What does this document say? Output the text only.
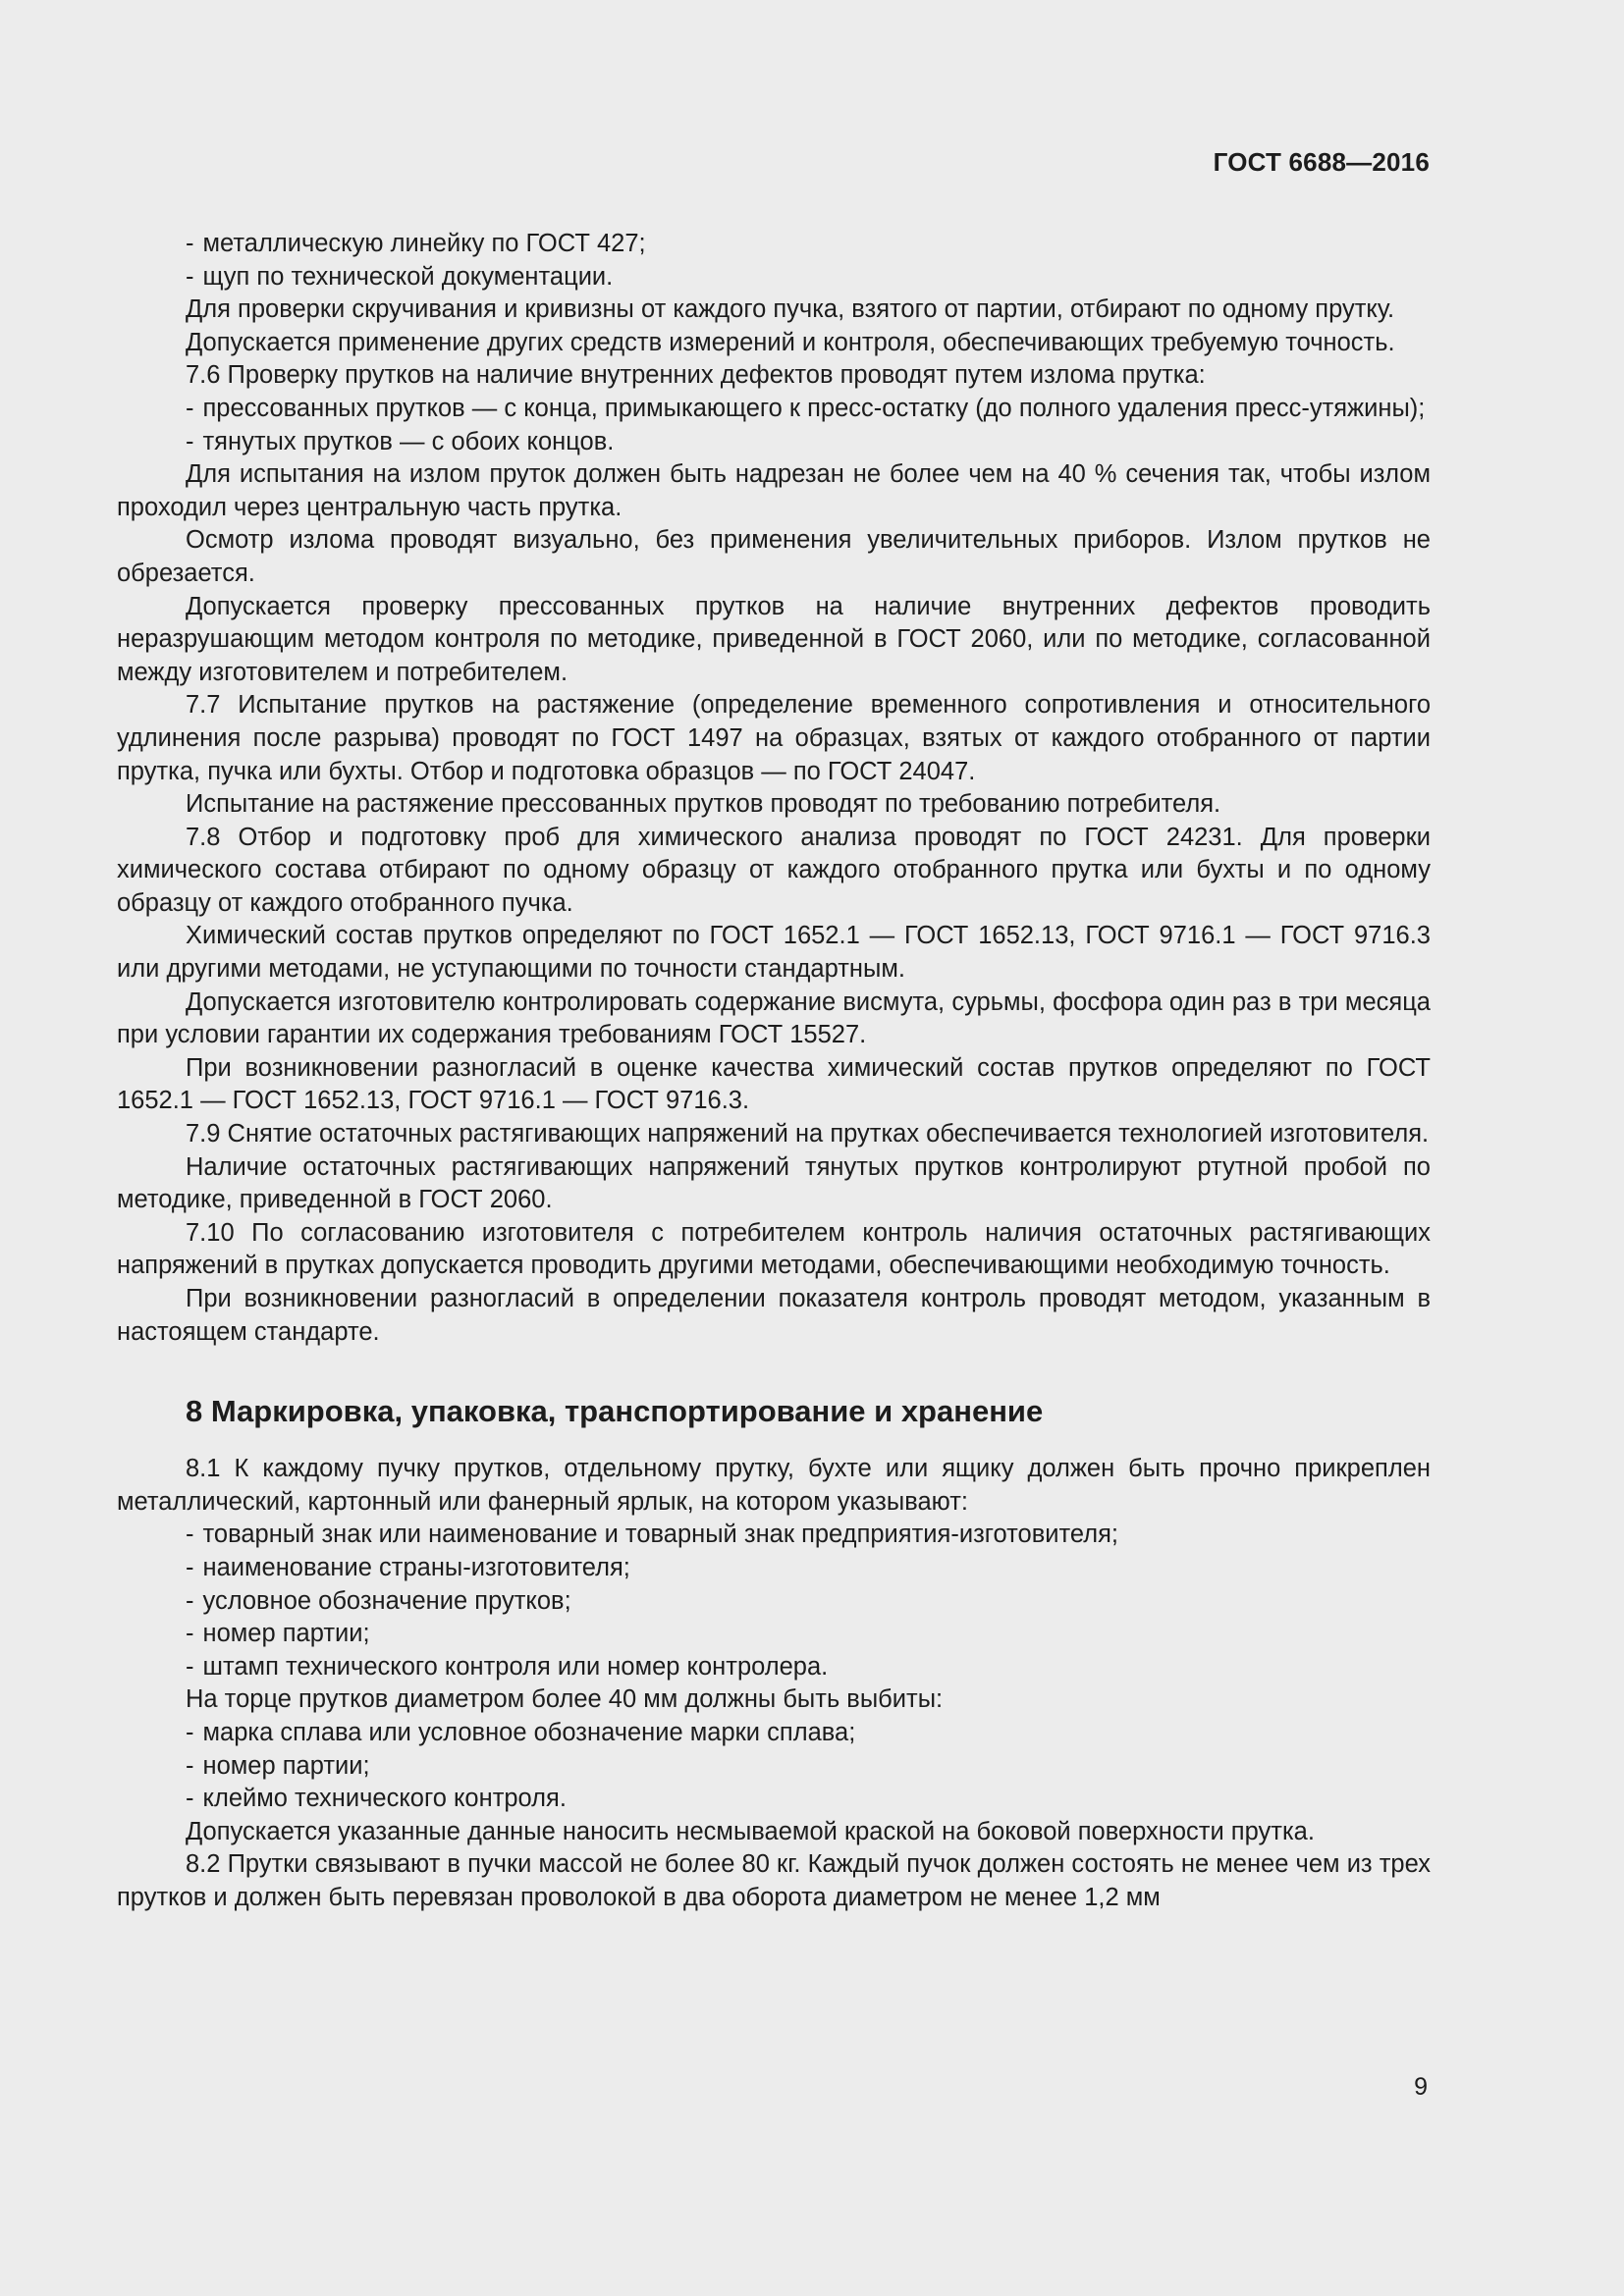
ГОСТ 6688—2016
- металлическую линейку по ГОСТ 427;
- щуп по технической документации.

Для проверки скручивания и кривизны от каждого пучка, взятого от партии, отбирают по одному прутку.

Допускается применение других средств измерений и контроля, обеспечивающих требуемую точность.

7.6 Проверку прутков на наличие внутренних дефектов проводят путем излома прутка:

- прессованных прутков — с конца, примыкающего к пресс-остатку (до полного удаления пресс-утяжины);
- тянутых прутков — с обоих концов.

Для испытания на излом пруток должен быть надрезан не более чем на 40 % сечения так, чтобы излом проходил через центральную часть прутка.

Осмотр излома проводят визуально, без применения увеличительных приборов. Излом прутков не обрезается.

Допускается проверку прессованных прутков на наличие внутренних дефектов проводить неразрушающим методом контроля по методике, приведенной в ГОСТ 2060, или по методике, согласованной между изготовителем и потребителем.

7.7 Испытание прутков на растяжение (определение временного сопротивления и относительного удлинения после разрыва) проводят по ГОСТ 1497 на образцах, взятых от каждого отобранного от партии прутка, пучка или бухты. Отбор и подготовка образцов — по ГОСТ 24047.

Испытание на растяжение прессованных прутков проводят по требованию потребителя.

7.8 Отбор и подготовку проб для химического анализа проводят по ГОСТ 24231. Для проверки химического состава отбирают по одному образцу от каждого отобранного прутка или бухты и по одному образцу от каждого отобранного пучка.

Химический состав прутков определяют по ГОСТ 1652.1 — ГОСТ 1652.13, ГОСТ 9716.1 — ГОСТ 9716.3 или другими методами, не уступающими по точности стандартным.

Допускается изготовителю контролировать содержание висмута, сурьмы, фосфора один раз в три месяца при условии гарантии их содержания требованиям ГОСТ 15527.

При возникновении разногласий в оценке качества химический состав прутков определяют по ГОСТ 1652.1 — ГОСТ 1652.13, ГОСТ 9716.1 — ГОСТ 9716.3.

7.9 Снятие остаточных растягивающих напряжений на прутках обеспечивается технологией изготовителя.

Наличие остаточных растягивающих напряжений тянутых прутков контролируют ртутной пробой по методике, приведенной в ГОСТ 2060.

7.10 По согласованию изготовителя с потребителем контроль наличия остаточных растягивающих напряжений в прутках допускается проводить другими методами, обеспечивающими необходимую точность.

При возникновении разногласий в определении показателя контроль проводят методом, указанным в настоящем стандарте.

8 Маркировка, упаковка, транспортирование и хранение

8.1 К каждому пучку прутков, отдельному прутку, бухте или ящику должен быть прочно прикреплен металлический, картонный или фанерный ярлык, на котором указывают:

- товарный знак или наименование и товарный знак предприятия-изготовителя;
- наименование страны-изготовителя;
- условное обозначение прутков;
- номер партии;
- штамп технического контроля или номер контролера.

На торце прутков диаметром более 40 мм должны быть выбиты:

- марка сплава или условное обозначение марки сплава;
- номер партии;
- клеймо технического контроля.

Допускается указанные данные наносить несмываемой краской на боковой поверхности прутка.

8.2 Прутки связывают в пучки массой не более 80 кг. Каждый пучок должен состоять не менее чем из трех прутков и должен быть перевязан проволокой в два оборота диаметром не менее 1,2 мм

9
